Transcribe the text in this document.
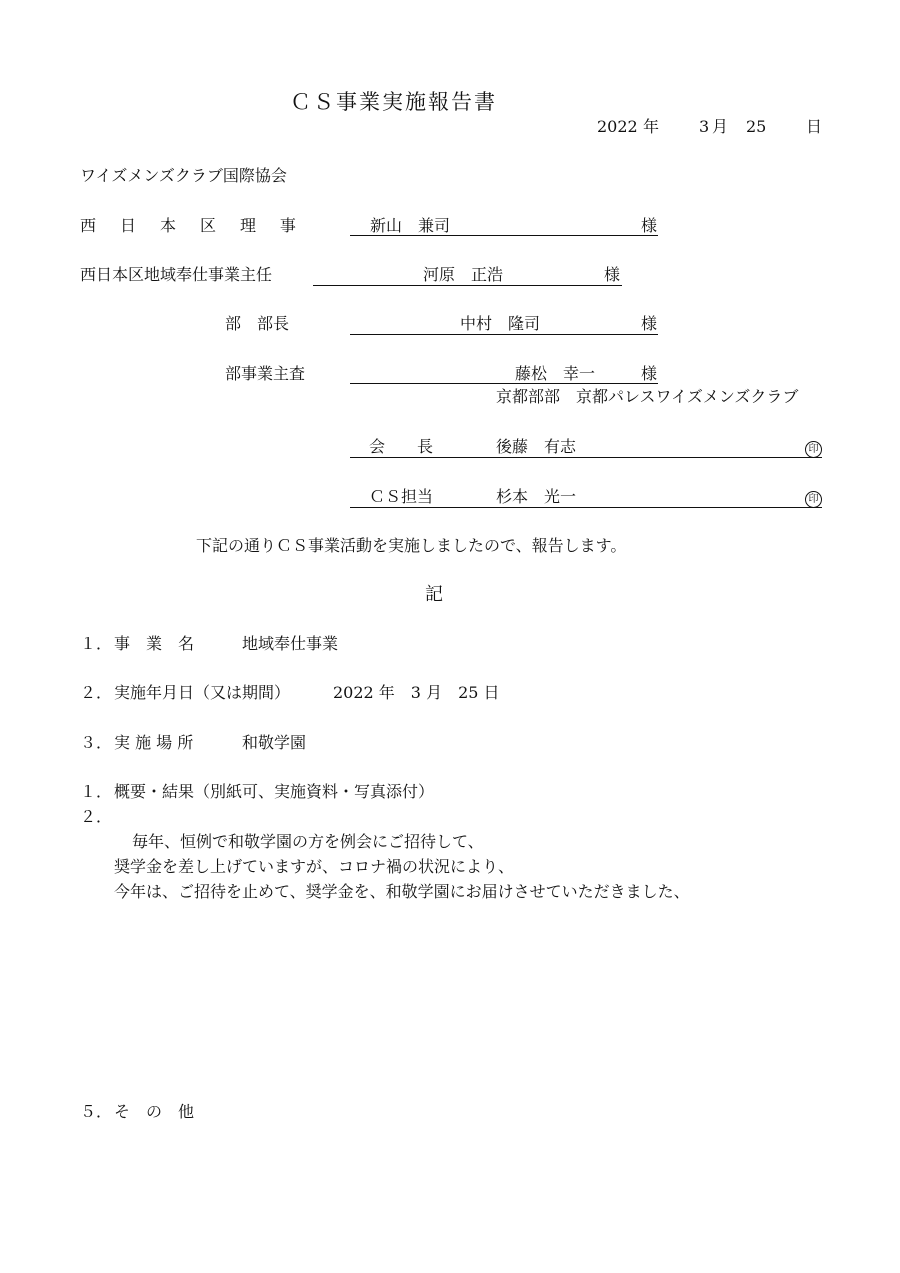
ＣＳ事業実施報告書
2022 年 3 月 25 日
ワイズメンズクラブ国際協会
西 日 本 区 理 事	新山　兼司	様
西日本区地域奉仕事業主任	河原　正浩	様
部　部長	中村　隆司	様
部事業主査	藤松　幸一	様
京都部部　京都パレスワイズメンズクラブ
会　　長	後藤　有志	印
ＣＳ担当	杉本　光一	印
下記の通りＣＳ事業活動を実施しましたので、報告します。
記
１． 事　業　名	地域奉仕事業
２． 実施年月日（又は期間）	2022 年　3 月　25 日
３． 実 施 場 所	和敬学園
１． 概要・結果（別紙可、実施資料・写真添付）
２．
毎年、恒例で和敬学園の方を例会にご招待して、
奨学金を差し上げていますが、コロナ禍の状況により、
今年は、ご招待を止めて、奨学金を、和敬学園にお届けさせていただきました、
５． そ　の　他
